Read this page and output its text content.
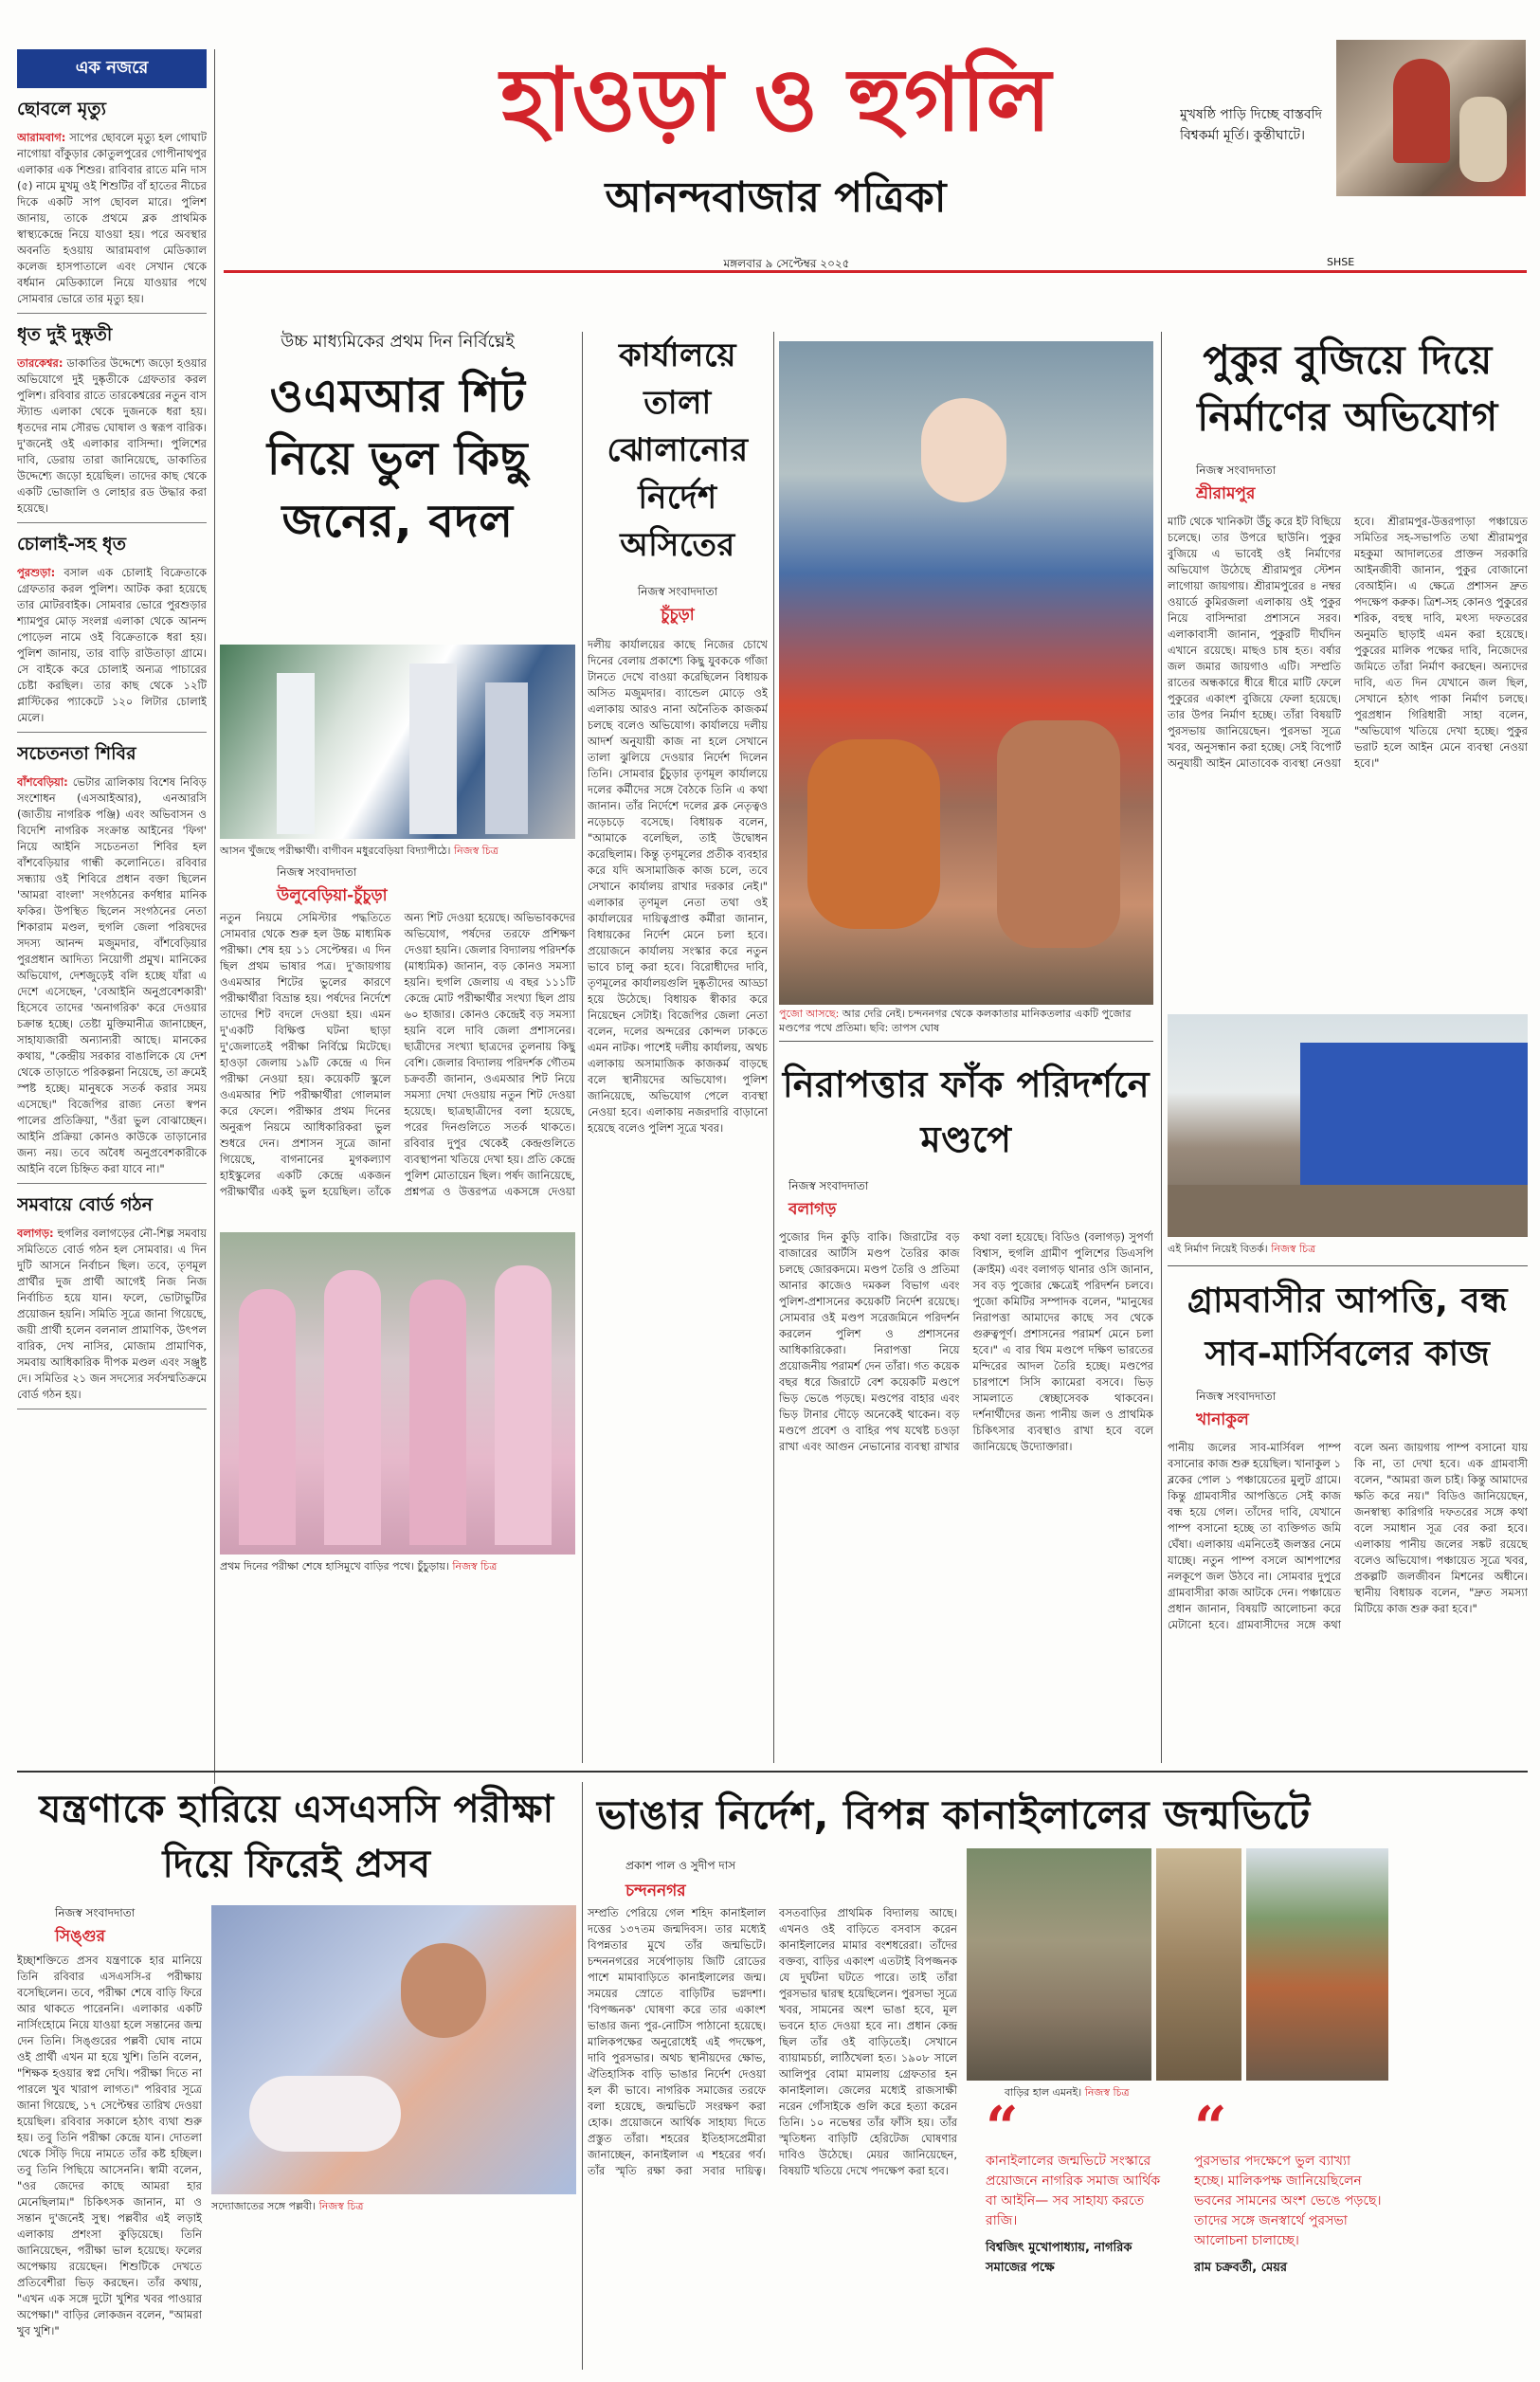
এক নজরে
ছোবলে মৃত্যু
আরামবাগ: সাপের ছোবলে মৃত্যু হল গোঘাট নাগোয়া বাঁকুড়ার কোতুলপুরের গোপীনাথপুর এলাকার এক শিশুর। রাবিবার রাতে মনি দাস (৫) নামে মুখমু ওই শিশুটির বাঁ হাতের নীচের দিকে একটি সাপ ছোবল মারে। পুলিশ জানায়, তাকে প্রথমে ব্লক প্রাথমিক স্বাস্থ্যকেন্দ্রে নিয়ে যাওয়া হয়। পরে অবস্থার অবনতি হওয়ায় আরামবাগ মেডিক্যাল কলেজ হাসপাতালে এবং সেখান থেকে বর্ধমান মেডিক্যালে নিয়ে যাওয়ার পথে সোমবার ভোরে তার মৃত্যু হয়।
ধৃত দুই দুষ্কৃতী
তারকেশ্বর: ডাকাতির উদ্দেশ্যে জড়ো হওয়ার অভিযোগে দুই দুষ্কৃতীকে গ্রেফতার করল পুলিশ। রবিবার রাতে তারকেশ্বরের নতুন বাস স্ট্যান্ড এলাকা থেকে দুজনকে ধরা হয়। ধৃতদের নাম সৌরভ ঘোষাল ও স্বরূপ বারিক। দু'জনেই ওই এলাকার বাসিন্দা। পুলিশের দাবি, ডেরায় তারা জানিয়েছে, ডাকাতির উদ্দেশ্যে জড়ো হয়েছিল। তাদের কাছ থেকে একটি ভোজালি ও লোহার রড উদ্ধার করা হয়েছে।
চোলাই-সহ ধৃত
পুরশুড়া: বসাল এক চোলাই বিক্রেতাকে গ্রেফতার করল পুলিশ। আটক করা হয়েছে তার মোটরবাইক। সোমবার ভোরে পুরশুড়ার শ্যামপুর মোড় সংলগ্ন এলাকা থেকে আনন্দ পোড়েল নামে ওই বিক্রেতাকে ধরা হয়। পুলিশ জানায়, তার বাড়ি রাউতাড়া গ্রামে। সে বাইকে করে চোলাই অন্যত্র পাচারের চেষ্টা করছিল। তার কাছ থেকে ১২টি প্লাস্টিকের প্যাকেটে ১২০ লিটার চোলাই মেলে।
সচেতনতা শিবির
বাঁশবেড়িয়া: ভেটার ত্রালিকায় বিশেষ নিবিড় সংশোধন (এসআইআর), এনআরসি (জাতীয় নাগরিক পঞ্জি) এবং অভিবাসন ও বিদেশি নাগরিক সংক্রান্ত আইনের 'ফিগ' নিয়ে আইনি সচেতনতা শিবির হল বাঁশবেড়িয়ার গান্ধী কলোনিতে। রবিবার সন্ধ্যায় ওই শিবিরে প্রধান বক্তা ছিলেন 'আমরা বাংলা' সংগঠনের কর্ণধার মানিক ফকির। উপস্থিত ছিলেন সংগঠনের নেতা শিকারাম মণ্ডল, হুগলি জেলা পরিষদের সদস্য আনন্দ মজুমদার, বাঁশবেড়িয়ার পুরপ্রধান আদিত্য নিয়োগী প্রমুখ। মানিকের অভিযোগ, দেশজুড়েই বলি হচ্ছে যাঁরা এ দেশে এসেছেন, 'বেআইনি অনুপ্রবেশকারী' হিসেবে তাদের 'অনাগরিক' করে দেওয়ার চক্রান্ত হচ্ছে। তেষ্টা মুক্তিমানীত্র জানাচ্ছেন, সাহায্যজারী অন্যান্যরী আছে। মানকের কথায়, "কেন্দ্রীয় সরকার বাঙালিকে যে দেশ থেকে তাড়াতে পরিকল্পনা নিয়েছে, তা ক্রমেই স্পষ্ট হচ্ছে। মানুষকে সতর্ক করার সময় এসেছে।" বিজেপির রাজ্য নেতা স্বপন পালের প্রতিক্রিয়া, "ওঁরা ভুল বোঝাচ্ছেন। আইনি প্রক্রিয়া কোনও কাউকে তাড়ানোর জন্য নয়। তবে অবৈধ অনুপ্রবেশকারীকে আইনি বলে চিহ্নিত করা যাবে না।"
সমবায়ে বোর্ড গঠন
বলাগড়: হুগলির বলাগড়ের নৌ-শিল্প সমবায় সমিতিতে বোর্ড গঠন হল সোমবার। এ দিন দুটি আসনে নির্বাচন ছিল। তবে, তৃণমূল প্রার্থীর দুজ প্রার্থী আগেই নিজ নিজ নির্বাচিত হয়ে যান। ফলে, ভোটাভুটির প্রয়োজন হয়নি। সমিতি সূত্রে জানা গিয়েছে, জয়ী প্রার্থী হলেন বলনাল প্রামাণিক, উৎপল বারিক, দেখ নাসির, মোজাম প্রামাণিক, সমবায় আধিকারিক দীপক মণ্ডল এবং সঞ্জুষ্ট দে। সমিতির ২১ জন সদস্যের সর্বসম্মতিক্রমে বোর্ড গঠন হয়।
হাওড়া ও হুগলি
আনন্দবাজার পত্রিকা
মুখষষ্ঠি পাড়ি দিচ্ছে বাস্তবদি বিশ্বকর্মা মূর্তি। কুন্তীঘাটে।
মঙ্গলবার ৯ সেপ্টেম্বর ২০২৫	SHSE
উচ্চ মাধ্যমিকের প্রথম দিন নির্বিঘ্নেই
ওএমআর শিট নিয়ে ভুল কিছু জনের, বদল
আসন খুঁজছে পরীক্ষার্থী। বাগীবন মধুরবেড়িয়া বিদ্যাপীঠে। নিজস্ব চিত্র
নিজস্ব সংবাদদাতা
উলুবেড়িয়া-চুঁচুড়া
নতুন নিয়মে সেমিস্টার পদ্ধতিতে সোমবার থেকে শুরু হল উচ্চ মাধ্যমিক পরীক্ষা। শেষ হয় ১১ সেপ্টেম্বর। এ দিন ছিল প্রথম ভাষার পত্র। দু'জায়গায় ওএমআর শিটের ভুলের কারণে পরীক্ষার্থীরা বিভ্রান্ত হয়। পর্ষদের নির্দেশে তাদের শিট বদলে দেওয়া হয়। এমন দু'একটি বিক্ষিপ্ত ঘটনা ছাড়া দু'জেলাতেই পরীক্ষা নির্বিঘ্নে মিটেছে। হাওড়া জেলায় ১৯টি কেন্দ্রে এ দিন পরীক্ষা নেওয়া হয়। কয়েকটি স্কুলে ওএমআর শিট পরীক্ষার্থীরা গোলমাল করে ফেলে। পরীক্ষার প্রথম দিনের অনুরূপ নিয়মে আধিকারিকরা ভুল শুধরে দেন। প্রশাসন সূত্রে জানা গিয়েছে, বাগনানের মুগকল্যাণ হাইস্কুলের একটি কেন্দ্রে একজন পরীক্ষার্থীর একই ভুল হয়েছিল। তাঁকে অন্য শিট দেওয়া হয়েছে। অভিভাবকদের অভিযোগ, পর্ষদের তরফে প্রশিক্ষণ দেওয়া হয়নি। জেলার বিদ্যালয় পরিদর্শক (মাধ্যমিক) জানান, বড় কোনও সমস্যা হয়নি। হুগলি জেলায় এ বছর ১১১টি কেন্দ্রে মোট পরীক্ষার্থীর সংখ্যা ছিল প্রায় ৬০ হাজার। কোনও কেন্দ্রেই বড় সমস্যা হয়নি বলে দাবি জেলা প্রশাসনের। ছাত্রীদের সংখ্যা ছাত্রদের তুলনায় কিছু বেশি। জেলার বিদ্যালয় পরিদর্শক গৌতম চক্রবর্তী জানান, ওএমআর শিট নিয়ে সমস্যা দেখা দেওয়ায় নতুন শিট দেওয়া হয়েছে। ছাত্রছাত্রীদের বলা হয়েছে, পরের দিনগুলিতে সতর্ক থাকতে। রবিবার দুপুর থেকেই কেন্দ্রগুলিতে ব্যবস্থাপনা খতিয়ে দেখা হয়। প্রতি কেন্দ্রে পুলিশ মোতায়েন ছিল। পর্ষদ জানিয়েছে, প্রশ্নপত্র ও উত্তরপত্র একসঙ্গে দেওয়া
প্রথম দিনের পরীক্ষা শেষে হাসিমুখে বাড়ির পথে। চুঁচুড়ায়। নিজস্ব চিত্র
কার্যালয়ে তালা ঝোলানোর নির্দেশ অসিতের
নিজস্ব সংবাদদাতা
চুঁচুড়া
দলীয় কার্যালয়ের কাছে নিজের চোখে দিনের বেলায় প্রকাশ্যে কিছু যুবককে গাঁজা টানতে দেখে বাওয়া করেছিলেন বিধায়ক অসিত মজুমদার। ব্যান্ডেল মোড়ে ওই এলাকায় আরও নানা অনৈতিক কাজকর্ম চলছে বলেও অভিযোগ। কার্যালয়ে দলীয় আদর্শ অনুযায়ী কাজ না হলে সেখানে তালা ঝুলিয়ে দেওয়ার নির্দেশ দিলেন তিনি। সোমবার চুঁচুড়ার তৃণমূল কার্যালয়ে দলের কর্মীদের সঙ্গে বৈঠকে তিনি এ কথা জানান। তাঁর নির্দেশে দলের ব্লক নেতৃত্বও নড়েচড়ে বসেছে। বিধায়ক বলেন, "আমাকে বলেছিল, তাই উদ্বোধন করেছিলাম। কিন্তু তৃণমূলের প্রতীক ব্যবহার করে যদি অসামাজিক কাজ চলে, তবে সেখানে কার্যালয় রাখার দরকার নেই।" এলাকার তৃণমূল নেতা তথা ওই কার্যালয়ের দায়িত্বপ্রাপ্ত কর্মীরা জানান, বিধায়কের নির্দেশ মেনে চলা হবে। প্রয়োজনে কার্যালয় সংস্কার করে নতুন ভাবে চালু করা হবে। বিরোধীদের দাবি, তৃণমূলের কার্যালয়গুলি দুষ্কৃতীদের আড্ডা হয়ে উঠেছে। বিধায়ক স্বীকার করে নিয়েছেন সেটাই। বিজেপির জেলা নেতা বলেন, দলের অন্দরের কোন্দল ঢাকতে এমন নাটক। পাশেই দলীয় কার্যালয়, অথচ এলাকায় অসামাজিক কাজকর্ম বাড়ছে বলে স্থানীয়দের অভিযোগ। পুলিশ জানিয়েছে, অভিযোগ পেলে ব্যবস্থা নেওয়া হবে। এলাকায় নজরদারি বাড়ানো হয়েছে বলেও পুলিশ সূত্রে খবর।
পুজো আসছে: আর দেরি নেই। চন্দননগর থেকে কলকাতার মানিকতলার একটি পুজোর মণ্ডপের পথে প্রতিমা। ছবি: তাপস ঘোষ
নিরাপত্তার ফাঁক পরিদর্শনে মণ্ডপে
নিজস্ব সংবাদদাতা
বলাগড়
পুজোর দিন কুড়ি বাকি। জিরাটের বড় বাজারের আর্টসি মণ্ডপ তৈরির কাজ চলছে জোরকদমে। মণ্ডপ তৈরি ও প্রতিমা আনার কাজেও দমকল বিভাগ এবং পুলিশ-প্রশাসনের কয়েকটি নির্দেশ রয়েছে। সোমবার ওই মণ্ডপ সরেজমিনে পরিদর্শন করলেন পুলিশ ও প্রশাসনের আধিকারিকেরা। নিরাপত্তা নিয়ে প্রয়োজনীয় পরামর্শ দেন তাঁরা। গত কয়েক বছর ধরে জিরাটে বেশ কয়েকটি মণ্ডপে ভিড় ভেঙে পড়ছে। মণ্ডপের বাহার এবং ভিড় টানার দৌড়ে অনেকেই থাকেন। বড় মণ্ডপে প্রবেশ ও বাহির পথ যথেষ্ট চওড়া রাখা এবং আগুন নেভানোর ব্যবস্থা রাখার কথা বলা হয়েছে। বিডিও (বলাগড়) সুপর্ণা বিশ্বাস, হুগলি গ্রামীণ পুলিশের ডিএসপি (ক্রাইম) এবং বলাগড় থানার ওসি জানান, সব বড় পুজোর ক্ষেত্রেই পরিদর্শন চলবে। পুজো কমিটির সম্পাদক বলেন, "মানুষের নিরাপত্তা আমাদের কাছে সব থেকে গুরুত্বপূর্ণ। প্রশাসনের পরামর্শ মেনে চলা হবে।" এ বার থিম মণ্ডপে দক্ষিণ ভারতের মন্দিরের আদল তৈরি হচ্ছে। মণ্ডপের চারপাশে সিসি ক্যামেরা বসবে। ভিড় সামলাতে স্বেচ্ছাসেবক থাকবেন। দর্শনার্থীদের জন্য পানীয় জল ও প্রাথমিক চিকিৎসার ব্যবস্থাও রাখা হবে বলে জানিয়েছে উদ্যোক্তারা।
পুকুর বুজিয়ে দিয়ে নির্মাণের অভিযোগ
নিজস্ব সংবাদদাতা
শ্রীরামপুর
মাটি থেকে খানিকটা উঁচু করে ইট বিছিয়ে চলেছে। তার উপরে ছাউনি। পুকুর বুজিয়ে এ ভাবেই ওই নির্মাণের অভিযোগ উঠেছে শ্রীরামপুর স্টেশন লাগোয়া জায়গায়। শ্রীরামপুরের ৪ নম্বর ওয়ার্ডে কুমিরজলা এলাকায় ওই পুকুর নিয়ে বাসিন্দারা প্রশাসনে সরব। এলাকাবাসী জানান, পুকুরটি দীর্ঘদিন এখানে রয়েছে। মাছও চাষ হত। বর্ষার জল জমার জায়গাও এটি। সম্প্রতি রাতের অন্ধকারে ধীরে ধীরে মাটি ফেলে পুকুরের একাংশ বুজিয়ে ফেলা হয়েছে। তার উপর নির্মাণ হচ্ছে। তাঁরা বিষয়টি পুরসভায় জানিয়েছেন। পুরসভা সূত্রে খবর, অনুসন্ধান করা হচ্ছে। সেই বিপোর্ট অনুযায়ী আইন মোতাবেক ব্যবস্থা নেওয়া হবে। শ্রীরামপুর-উত্তরপাড়া পঞ্চায়েত সমিতির সহ-সভাপতি তথা শ্রীরামপুর মহকুমা আদালতের প্রাক্তন সরকারি আইনজীবী জানান, পুকুর বোজানো বেআইনি। এ ক্ষেত্রে প্রশাসন দ্রুত পদক্ষেপ করুক। ত্রিশ-সহ কোনও পুকুরের শরিক, বহুস্থ দাবি, মৎস্য দফতরের অনুমতি ছাড়াই এমন করা হয়েছে। পুকুরের মালিক পক্ষের দাবি, নিজেদের জমিতে তাঁরা নির্মাণ করছেন। অন্যদের দাবি, এত দিন যেখানে জল ছিল, সেখানে হঠাৎ পাকা নির্মাণ চলছে। পুরপ্রধান গিরিধারী সাহা বলেন, "অভিযোগ খতিয়ে দেখা হচ্ছে। পুকুর ভরাট হলে আইন মেনে ব্যবস্থা নেওয়া হবে।"
এই নির্মাণ নিয়েই বিতর্ক। নিজস্ব চিত্র
গ্রামবাসীর আপত্তি, বন্ধ সাব-মার্সিবলের কাজ
নিজস্ব সংবাদদাতা
খানাকুল
পানীয় জলের সাব-মার্সিবল পাম্প বসানোর কাজ শুরু হয়েছিল। খানাকুল ১ ব্লকের পোল ১ পঞ্চায়েতের মুলুট গ্রামে। কিন্তু গ্রামবাসীর আপত্তিতে সেই কাজ বন্ধ হয়ে গেল। তাঁদের দাবি, যেখানে পাম্প বসানো হচ্ছে তা ব্যক্তিগত জমি ঘেঁষা। এলাকায় এমনিতেই জলস্তর নেমে যাচ্ছে। নতুন পাম্প বসলে আশপাশের নলকূপে জল উঠবে না। সোমবার দুপুরে গ্রামবাসীরা কাজ আটকে দেন। পঞ্চায়েত প্রধান জানান, বিষয়টি আলোচনা করে মেটানো হবে। গ্রামবাসীদের সঙ্গে কথা বলে অন্য জায়গায় পাম্প বসানো যায় কি না, তা দেখা হবে। এক গ্রামবাসী বলেন, "আমরা জল চাই। কিন্তু আমাদের ক্ষতি করে নয়।" বিডিও জানিয়েছেন, জনস্বাস্থ্য কারিগরি দফতরের সঙ্গে কথা বলে সমাধান সূত্র বের করা হবে। এলাকায় পানীয় জলের সঙ্কট রয়েছে বলেও অভিযোগ। পঞ্চায়েত সূত্রে খবর, প্রকল্পটি জলজীবন মিশনের অধীনে। স্থানীয় বিধায়ক বলেন, "দ্রুত সমস্যা মিটিয়ে কাজ শুরু করা হবে।"
যন্ত্রণাকে হারিয়ে এসএসসি পরীক্ষা দিয়ে ফিরেই প্রসব
নিজস্ব সংবাদদাতা
সিঙ্গুর
ইচ্ছাশক্তিতে প্রসব যন্ত্রণাকে হার মানিয়ে তিনি রবিবার এসএসসি-র পরীক্ষায় বসেছিলেন। তবে, পরীক্ষা শেষে বাড়ি ফিরে আর থাকতে পারেননি। এলাকার একটি নার্সিংহোমে নিয়ে যাওয়া হলে সন্তানের জন্ম দেন তিনি। সিঙ্গুরের পল্লবী ঘোষ নামে ওই প্রার্থী এখন মা হয়ে খুশি। তিনি বলেন, "শিক্ষক হওয়ার স্বপ্ন দেখি। পরীক্ষা দিতে না পারলে খুব খারাপ লাগত।" পরিবার সূত্রে জানা গিয়েছে, ১৭ সেপ্টেম্বর তারিখ দেওয়া হয়েছিল। রবিবার সকালে হঠাৎ ব্যথা শুরু হয়। তবু তিনি পরীক্ষা কেন্দ্রে যান। দোতলা থেকে সিঁড়ি দিয়ে নামতে তাঁর কষ্ট হচ্ছিল। তবু তিনি পিছিয়ে আসেননি। স্বামী বলেন, "ওর জেদের কাছে আমরা হার মেনেছিলাম।" চিকিৎসক জানান, মা ও সন্তান দু'জনেই সুস্থ। পল্লবীর এই লড়াই এলাকায় প্রশংসা কুড়িয়েছে। তিনি জানিয়েছেন, পরীক্ষা ভাল হয়েছে। ফলের অপেক্ষায় রয়েছেন। শিশুটিকে দেখতে প্রতিবেশীরা ভিড় করছেন। তাঁর কথায়, "এখন এক সঙ্গে দুটো খুশির খবর পাওয়ার অপেক্ষা।" বাড়ির লোকজন বলেন, "আমরা খুব খুশি।"
সদ্যোজাতের সঙ্গে পল্লবী। নিজস্ব চিত্র
ভাঙার নির্দেশ, বিপন্ন কানাইলালের জন্মভিটে
প্রকাশ পাল ও সুদীপ দাস
চন্দননগর
সম্প্রতি পেরিয়ে গেল শহিদ কানাইলাল দত্তের ১৩৭তম জন্মদিবস। তার মধ্যেই বিপন্নতার মুখে তাঁর জন্মভিটে। চন্দননগরের সর্ষেপাড়ায় জিটি রোডের পাশে মামাবাড়িতে কানাইলালের জন্ম। সময়ের স্রোতে বাড়িটির ভগ্নদশা। 'বিপজ্জনক' ঘোষণা করে তার একাংশ ভাঙার জন্য পুর-নোটিস পাঠানো হয়েছে। মালিকপক্ষের অনুরোধেই এই পদক্ষেপ, দাবি পুরসভার। অথচ স্থানীয়দের ক্ষোভ, ঐতিহাসিক বাড়ি ভাঙার নির্দেশ দেওয়া হল কী ভাবে। নাগরিক সমাজের তরফে বলা হয়েছে, জন্মভিটে সংরক্ষণ করা হোক। প্রয়োজনে আর্থিক সাহায্য দিতে প্রস্তুত তাঁরা। শহরের ইতিহাসপ্রেমীরা জানাচ্ছেন, কানাইলাল এ শহরের গর্ব। তাঁর স্মৃতি রক্ষা করা সবার দায়িত্ব। বসতবাড়ির প্রাথমিক বিদ্যালয় আছে। এখনও ওই বাড়িতে বসবাস করেন কানাইলালের মামার বংশধরেরা। তাঁদের বক্তব্য, বাড়ির একাংশ এতটাই বিপজ্জনক যে দুর্ঘটনা ঘটতে পারে। তাই তাঁরা পুরসভার দ্বারস্থ হয়েছিলেন। পুরসভা সূত্রে খবর, সামনের অংশ ভাঙা হবে, মূল ভবনে হাত দেওয়া হবে না। প্রধান কেন্দ্র ছিল তাঁর ওই বাড়িতেই। সেখানে ব্যায়ামচর্চা, লাঠিখেলা হত। ১৯০৮ সালে আলিপুর বোমা মামলায় গ্রেফতার হন কানাইলাল। জেলের মধ্যেই রাজসাক্ষী নরেন গোঁসাইকে গুলি করে হত্যা করেন তিনি। ১০ নভেম্বর তাঁর ফাঁসি হয়। তাঁর স্মৃতিধন্য বাড়িটি হেরিটেজ ঘোষণার দাবিও উঠেছে। মেয়র জানিয়েছেন, বিষয়টি খতিয়ে দেখে পদক্ষেপ করা হবে।
বাড়ির হাল এমনই। নিজস্ব চিত্র
“
কানাইলালের জন্মভিটে সংস্কারে প্রয়োজনে নাগরিক সমাজ আর্থিক বা আইনি— সব সাহায্য করতে রাজি।
বিশ্বজিৎ মুখোপাধ্যায়, নাগরিক সমাজের পক্ষে
“
পুরসভার পদক্ষেপে ভুল ব্যাখ্যা হচ্ছে। মালিকপক্ষ জানিয়েছিলেন ভবনের সামনের অংশ ভেঙে পড়ছে। তাদের সঙ্গে জনস্বার্থে পুরসভা আলোচনা চালাচ্ছে।
রাম চক্রবর্তী, মেয়র
